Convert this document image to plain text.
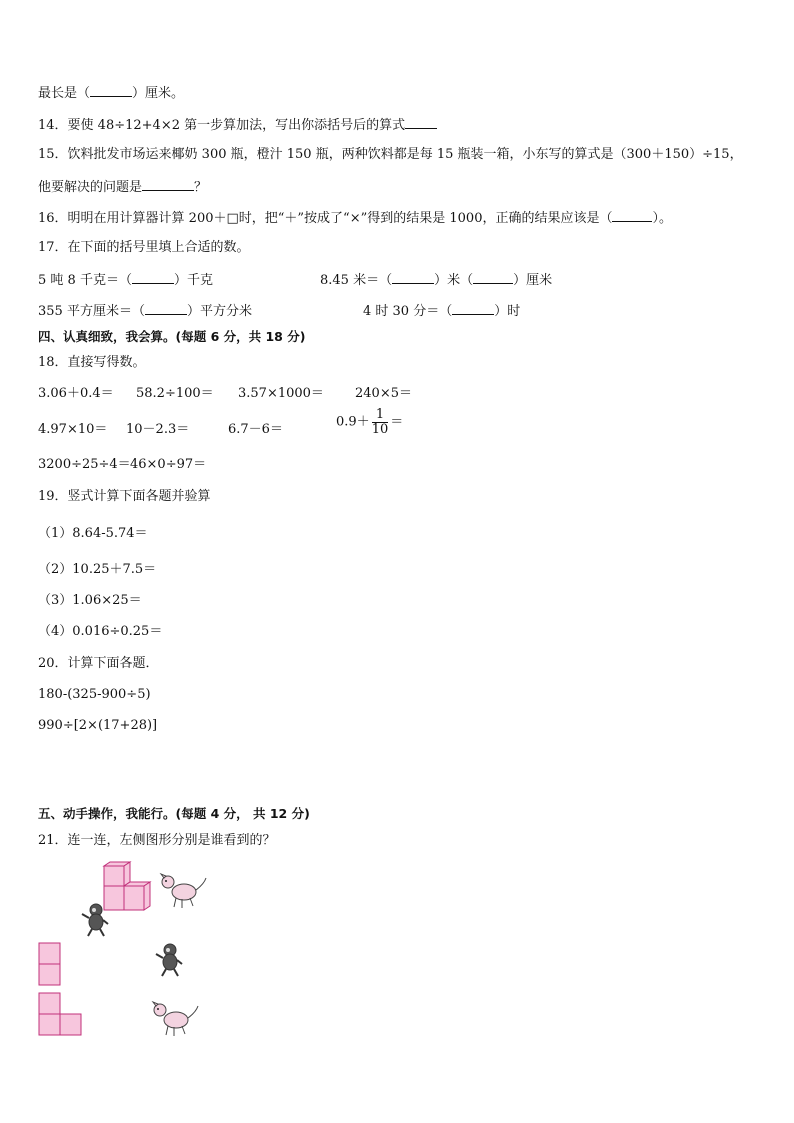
最长是（	）厘米。
14．要使 48÷12+4×2 第一步算加法，写出你添括号后的算式
15．饮料批发市场运来椰奶 300 瓶，橙汁 150 瓶，两种饮料都是每 15 瓶装一箱，小东写的算式是（300＋150）÷15，
他要解决的问题是	？
16．明明在用计算器计算 200＋□时，把“＋”按成了“×”得到的结果是 1000，正确的结果应该是（	）。
17．在下面的括号里填上合适的数。
5 吨 8 千克＝（	）千克	8.45 米＝（	）米（	）厘米
355 平方厘米＝（	）平方分米	4 时 30 分＝（	）时
四、认真细致，我会算。(每题 6 分，共 18 分)
18．直接写得数。
3.06＋0.4＝ 58.2÷100＝ 3.57×1000＝ 240×5＝
4.97×10＝ 10－2.3＝	6.7－6＝	$0.9+ \frac{1}{10}$ ＝
3200÷25÷4＝ 46×0÷97＝
19．竖式计算下面各题并验算
（1）8.64-5.74＝
（2）10.25＋7.5＝
（3）1.06×25＝
（4）0.016÷0.25＝
20．计算下面各题．
180-(325-900÷5)
990÷[2×(17+28)]
五、动手操作，我能行。(每题 4 分， 共 12 分)
21．连一连，左侧图形分别是谁看到的？
